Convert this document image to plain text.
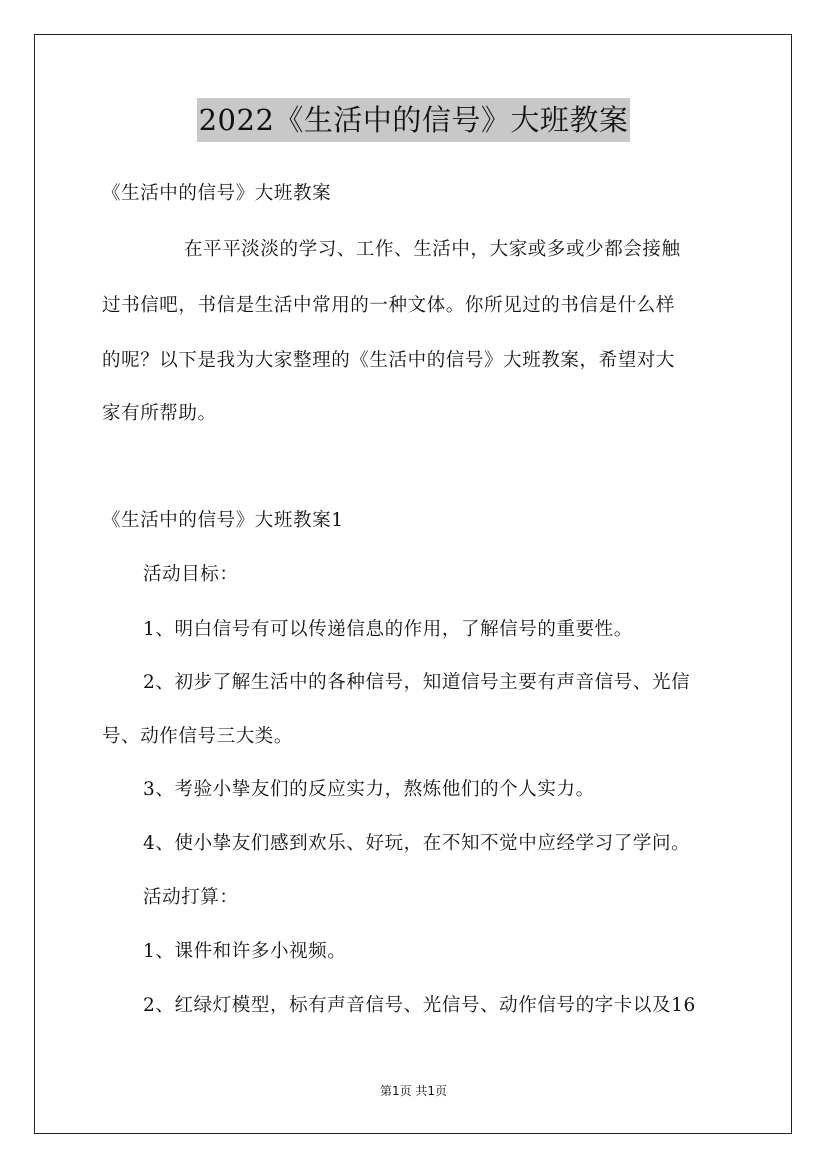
2022《生活中的信号》大班教案
《生活中的信号》大班教案
在平平淡淡的学习、工作、生活中，大家或多或少都会接触
过书信吧，书信是生活中常用的一种文体。你所见过的书信是什么样
的呢？以下是我为大家整理的《生活中的信号》大班教案，希望对大
家有所帮助。
《生活中的信号》大班教案1
活动目标：
1、明白信号有可以传递信息的作用，了解信号的重要性。
2、初步了解生活中的各种信号，知道信号主要有声音信号、光信
号、动作信号三大类。
3、考验小挚友们的反应实力，熬炼他们的个人实力。
4、使小挚友们感到欢乐、好玩，在不知不觉中应经学习了学问。
活动打算：
1、课件和许多小视频。
2、红绿灯模型，标有声音信号、光信号、动作信号的字卡以及16
第1页 共1页
